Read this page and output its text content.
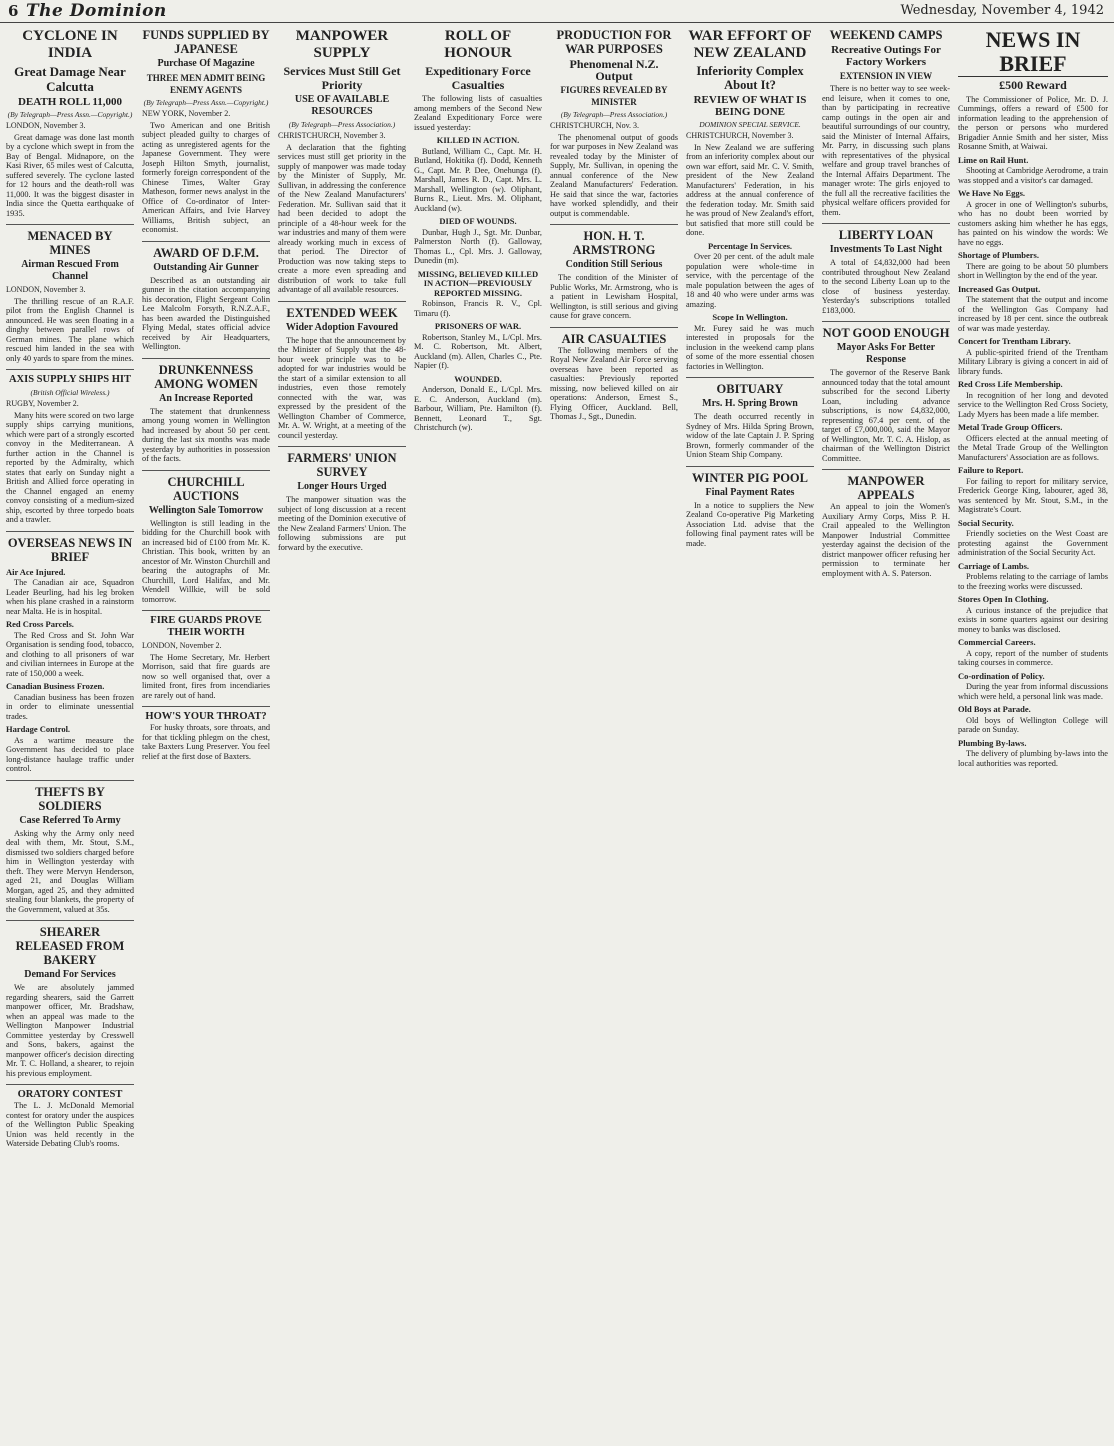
6 The Dominion	Wednesday, November 4, 1942
CYCLONE IN INDIA
Great Damage Near Calcutta
DEATH ROLL 11,000
(By Telegraph—Press Assn.—Copyright.)
LONDON, November 3.

Great damage was done last month by a cyclone which swept in from the Bay of Bengal. Midnapore, on the Kasi River, 65 miles west of Calcutta, suffered severely. The cyclone lasted for 12 hours and the death-roll was 11,000. It was the biggest disaster in India since the Quetta earthquake of 1935.

MENACED BY MINES
Airman Rescued From Channel
LONDON, November 3.

The thrilling rescue of an R.A.F. pilot from the English Channel is announced. He was seen floating in a dinghy between parallel rows of German mines. The plane which rescued him landed in the sea with only 40 yards to spare from the mines.

AXIS SUPPLY SHIPS HIT
(British Official Wireless.)
RUGBY, November 2.

Many hits were scored on two large supply ships carrying munitions, which were part of a strongly escorted convoy in the Mediterranean. A further action in the Channel is reported by the Admiralty, which states that early on Sunday night a British and Allied force operating in the Channel engaged an enemy convoy consisting of a medium-sized ship, escorted by three torpedo boats and a trawler.

OVERSEAS NEWS IN BRIEF
Air Ace Injured.

The Canadian air ace, Squadron Leader Beurling, had his leg broken when his plane crashed in a rainstorm near Malta. He is in hospital.

Red Cross Parcels.

The Red Cross and St. John War Organisation is sending food, tobacco, and clothing to all prisoners of war and civilian internees in Europe at the rate of 150,000 a week.

Canadian Business Frozen.

Canadian business has been frozen in order to eliminate unessential trades.

Hardage Control.

As a wartime measure the Government has decided to place long-distance haulage traffic under control.

THEFTS BY SOLDIERS
Case Referred To Army

Asking why the Army only need deal with them, Mr. Stout, S.M., dismissed two soldiers charged before him in Wellington yesterday with theft. They were Mervyn Henderson, aged 21, and Douglas William Morgan, aged 25, and they admitted stealing four blankets, the property of the Government, valued at 35s.

SHEARER RELEASED FROM BAKERY
Demand For Services

We are absolutely jammed regarding shearers, said the Garrett manpower officer, Mr. Bradshaw, when an appeal was made to the Wellington Manpower Industrial Committee yesterday by Cresswell and Sons, bakers, against the manpower officer's decision directing Mr. T. C. Holland, a shearer, to rejoin his previous employment.

ORATORY CONTEST

The L. J. McDonald Memorial contest for oratory under the auspices of the Wellington Public Speaking Union was held recently in the Waterside Debating Club's rooms.

FUNDS SUPPLIED BY JAPANESE
Purchase Of Magazine
THREE MEN ADMIT BEING ENEMY AGENTS
(By Telegraph—Press Assn.—Copyright.)
NEW YORK, November 2.

Two American and one British subject pleaded guilty to charges of acting as unregistered agents for the Japanese Government. They were Joseph Hilton Smyth, journalist, formerly foreign correspondent of the Chinese Times, Walter Gray Matheson, former news analyst in the Office of Co-ordinator of Inter-American Affairs, and Ivie Harvey Williams, British subject, an economist.

AWARD OF D.F.M.
Outstanding Air Gunner

Described as an outstanding air gunner in the citation accompanying his decoration, Flight Sergeant Colin Lee Malcolm Forsyth, R.N.Z.A.F., has been awarded the Distinguished Flying Medal, states official advice received by Air Headquarters, Wellington.

DRUNKENNESS AMONG WOMEN
An Increase Reported

The statement that drunkenness among young women in Wellington had increased by about 50 per cent. during the last six months was made yesterday by authorities in possession of the facts.

CHURCHILL AUCTIONS
Wellington Sale Tomorrow

Wellington is still leading in the bidding for the Churchill book with an increased bid of £100 from Mr. K. Christian. This book, written by an ancestor of Mr. Winston Churchill and bearing the autographs of Mr. Churchill, Lord Halifax, and Mr. Wendell Willkie, will be sold tomorrow.

FIRE GUARDS PROVE THEIR WORTH
LONDON, November 2.

The Home Secretary, Mr. Herbert Morrison, said that fire guards are now so well organised that, over a limited front, fires from incendiaries are rarely out of hand.

HOW'S YOUR THROAT?

For husky throats, sore throats, and for that tickling phlegm on the chest, take Baxters Lung Preserver. You feel relief at the first dose of Baxters.

MANPOWER SUPPLY
Services Must Still Get Priority
USE OF AVAILABLE RESOURCES
(By Telegraph—Press Association.)
CHRISTCHURCH, November 3.

A declaration that the fighting services must still get priority in the supply of manpower was made today by the Minister of Supply, Mr. Sullivan, in addressing the conference of the New Zealand Manufacturers' Federation. Mr. Sullivan said that it had been decided to adopt the principle of a 48-hour week for the war industries and many of them were already working much in excess of that period. The Director of Production was now taking steps to create a more even spreading and distribution of work to take full advantage of all available resources.

EXTENDED WEEK
Wider Adoption Favoured

The hope that the announcement by the Minister of Supply that the 48-hour week principle was to be adopted for war industries would be the start of a similar extension to all industries, even those remotely connected with the war, was expressed by the president of the Wellington Chamber of Commerce, Mr. A. W. Wright, at a meeting of the council yesterday.

FARMERS' UNION SURVEY
Longer Hours Urged

The manpower situation was the subject of long discussion at a recent meeting of the Dominion executive of the New Zealand Farmers' Union. The following submissions are put forward by the executive.

ROLL OF HONOUR
Expeditionary Force Casualties

The following lists of casualties among members of the Second New Zealand Expeditionary Force were issued yesterday:

KILLED IN ACTION.

Butland, William C., Capt. Mr. H. Butland, Hokitika (f). Dodd, Kenneth G., Capt. Mr. P. Dee, Onehunga (f). Marshall, James R. D., Capt. Mrs. L. Marshall, Wellington (w). Oliphant, Burns R., Lieut. Mrs. M. Oliphant, Auckland (w).

DIED OF WOUNDS.

Dunbar, Hugh J., Sgt. Mr. Dunbar, Palmerston North (f). Galloway, Thomas L., Cpl. Mrs. J. Galloway, Dunedin (m).

MISSING, BELIEVED KILLED IN ACTION—PREVIOUSLY REPORTED MISSING.

Robinson, Francis R. V., Cpl. Timaru (f).

PRISONERS OF WAR.

Robertson, Stanley M., L/Cpl. Mrs. M. C. Robertson, Mt. Albert, Auckland (m). Allen, Charles C., Pte. Napier (f).

WOUNDED.

Anderson, Donald E., L/Cpl. Mrs. E. C. Anderson, Auckland (m). Barbour, William, Pte. Hamilton (f). Bennett, Leonard T., Sgt. Christchurch (w).

PRODUCTION FOR WAR PURPOSES
Phenomenal N.Z. Output
FIGURES REVEALED BY MINISTER
(By Telegraph—Press Association.)
CHRISTCHURCH, Nov. 3.

The phenomenal output of goods for war purposes in New Zealand was revealed today by the Minister of Supply, Mr. Sullivan, in opening the annual conference of the New Zealand Manufacturers' Federation. He said that since the war, factories have worked splendidly, and their output is commendable.

HON. H. T. ARMSTRONG
Condition Still Serious

The condition of the Minister of Public Works, Mr. Armstrong, who is a patient in Lewisham Hospital, Wellington, is still serious and giving cause for grave concern.

AIR CASUALTIES

The following members of the Royal New Zealand Air Force serving overseas have been reported as casualties: Previously reported missing, now believed killed on air operations: Anderson, Ernest S., Flying Officer, Auckland. Bell, Thomas J., Sgt., Dunedin.

WAR EFFORT OF NEW ZEALAND
Inferiority Complex About It?
REVIEW OF WHAT IS BEING DONE
DOMINION SPECIAL SERVICE.
CHRISTCHURCH, November 3.

In New Zealand we are suffering from an inferiority complex about our own war effort, said Mr. C. V. Smith, president of the New Zealand Manufacturers' Federation, in his address at the annual conference of the federation today. Mr. Smith said he was proud of New Zealand's effort, but satisfied that more still could be done.

Percentage In Services.

Over 20 per cent. of the adult male population were whole-time in service, with the percentage of the male population between the ages of 18 and 40 who were under arms was amazing.

Scope In Wellington.

Mr. Furey said he was much interested in proposals for the inclusion in the weekend camp plans of some of the more essential chosen factories in Wellington.

OBITUARY
Mrs. H. Spring Brown

The death occurred recently in Sydney of Mrs. Hilda Spring Brown, widow of the late Captain J. P. Spring Brown, formerly commander of the Union Steam Ship Company.

WINTER PIG POOL
Final Payment Rates

In a notice to suppliers the New Zealand Co-operative Pig Marketing Association Ltd. advise that the following final payment rates will be made.

WEEKEND CAMPS
Recreative Outings For Factory Workers
EXTENSION IN VIEW

There is no better way to see week-end leisure, when it comes to one, than by participating in recreative camp outings in the open air and beautiful surroundings of our country, said the Minister of Internal Affairs, Mr. Parry, in discussing such plans with representatives of the physical welfare and group travel branches of the Internal Affairs Department. The manager wrote: The girls enjoyed to the full all the recreative facilities the physical welfare officers provided for them.

LIBERTY LOAN
Investments To Last Night

A total of £4,832,000 had been contributed throughout New Zealand to the second Liberty Loan up to the close of business yesterday. Yesterday's subscriptions totalled £183,000.

NOT GOOD ENOUGH
Mayor Asks For Better Response

The governor of the Reserve Bank announced today that the total amount subscribed for the second Liberty Loan, including advance subscriptions, is now £4,832,000, representing 67.4 per cent. of the target of £7,000,000, said the Mayor of Wellington, Mr. T. C. A. Hislop, as chairman of the Wellington District Committee.

MANPOWER APPEALS

An appeal to join the Women's Auxiliary Army Corps, Miss P. H. Crail appealed to the Wellington Manpower Industrial Committee yesterday against the decision of the district manpower officer refusing her permission to terminate her employment with A. S. Paterson.

NEWS IN BRIEF
£500 Reward

The Commissioner of Police, Mr. D. J. Cummings, offers a reward of £500 for information leading to the apprehension of the person or persons who murdered Brigadier Annie Smith and her sister, Miss Rosanne Smith, at Waiwai.

Lime on Rail Hunt.

Shooting at Cambridge Aerodrome, a train was stopped and a visitor's car damaged.

We Have No Eggs.

A grocer in one of Wellington's suburbs, who has no doubt been worried by customers asking him whether he has eggs, has painted on his window the words: We have no eggs.

Shortage of Plumbers.

There are going to be about 50 plumbers short in Wellington by the end of the year.

Increased Gas Output.

The statement that the output and income of the Wellington Gas Company had increased by 18 per cent. since the outbreak of war was made yesterday.

Concert for Trentham Library.

A public-spirited friend of the Trentham Military Library is giving a concert in aid of library funds.

Red Cross Life Membership.

In recognition of her long and devoted service to the Wellington Red Cross Society, Lady Myers has been made a life member.

Metal Trade Group Officers.

Officers elected at the annual meeting of the Metal Trade Group of the Wellington Manufacturers' Association are as follows.

Failure to Report.

For failing to report for military service, Frederick George King, labourer, aged 38, was sentenced by Mr. Stout, S.M., in the Magistrate's Court.

Social Security.

Friendly societies on the West Coast are protesting against the Government administration of the Social Security Act.

Carriage of Lambs.

Problems relating to the carriage of lambs to the freezing works were discussed.

Stores Open In Clothing.

A curious instance of the prejudice that exists in some quarters against our desiring money to banks was disclosed.

Commercial Careers.

A copy, report of the number of students taking courses in commerce.

Co-ordination of Policy.

During the year from informal discussions which were held, a personal link was made.

Old Boys at Parade.

Old boys of Wellington College will parade on Sunday.

Plumbing By-laws.

The delivery of plumbing by-laws into the local authorities was reported.
